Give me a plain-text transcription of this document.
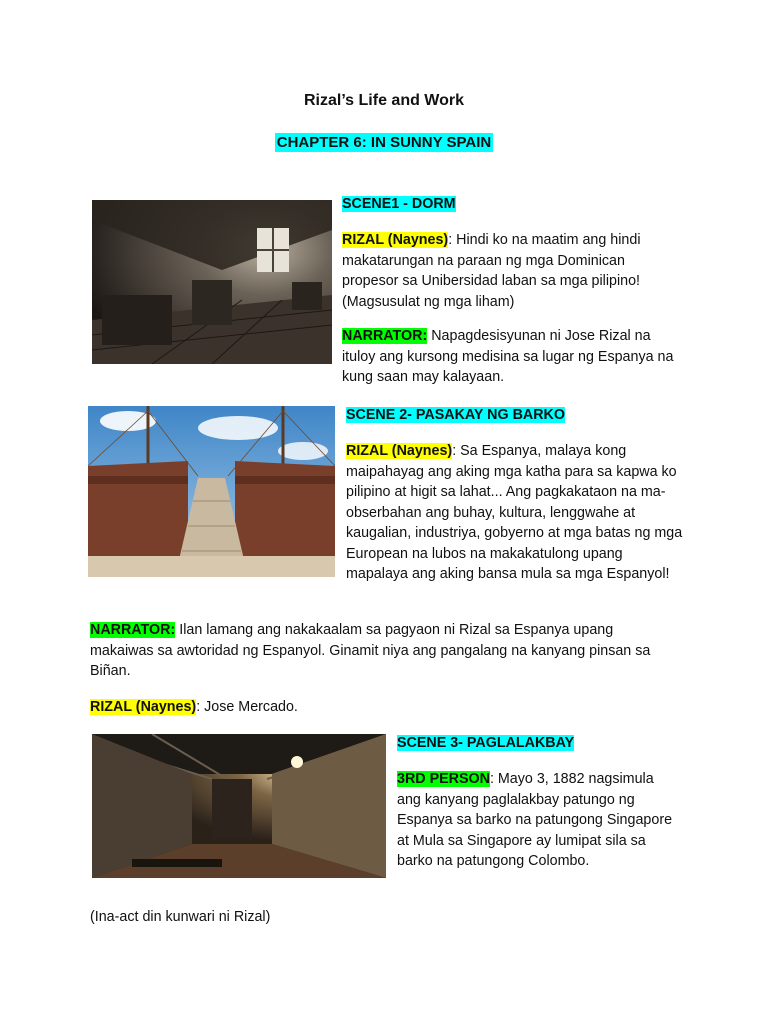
Rizal’s Life and Work
CHAPTER 6: IN SUNNY SPAIN
SCENE1 - DORM

RIZAL (Naynes): Hindi ko na maatim ang hindi makatarungan na paraan ng mga Dominican propesor sa Unibersidad laban sa mga pilipino! (Magsusulat ng mga liham)

NARRATOR: Napagdesisyunan ni Jose Rizal na ituloy ang kursong medisina sa lugar ng Espanya na kung saan may kalayaan.

SCENE 2- PASAKAY NG BARKO

RIZAL (Naynes): Sa Espanya, malaya kong maipahayag ang aking mga katha para sa kapwa ko pilipino at higit sa lahat... Ang pagkakataon na ma-obserbahan ang buhay, kultura, lenggwahe at kaugalian, industriya, gobyerno at mga batas ng mga European na lubos na makakatulong upang mapalaya ang aking bansa mula sa mga Espanyol!

NARRATOR: Ilan lamang ang nakakaalam sa pagyaon ni Rizal sa Espanya upang makaiwas sa awtoridad ng Espanyol. Ginamit niya ang pangalang na kanyang pinsan sa Biñan.

RIZAL (Naynes): Jose Mercado.

SCENE 3- PAGLALAKBAY

3RD PERSON: Mayo 3, 1882 nagsimula ang kanyang paglalakbay patungo ng Espanya sa barko na patungong Singapore at Mula sa Singapore ay lumipat sila sa barko na patungong Colombo.

(Ina-act din kunwari ni Rizal)
